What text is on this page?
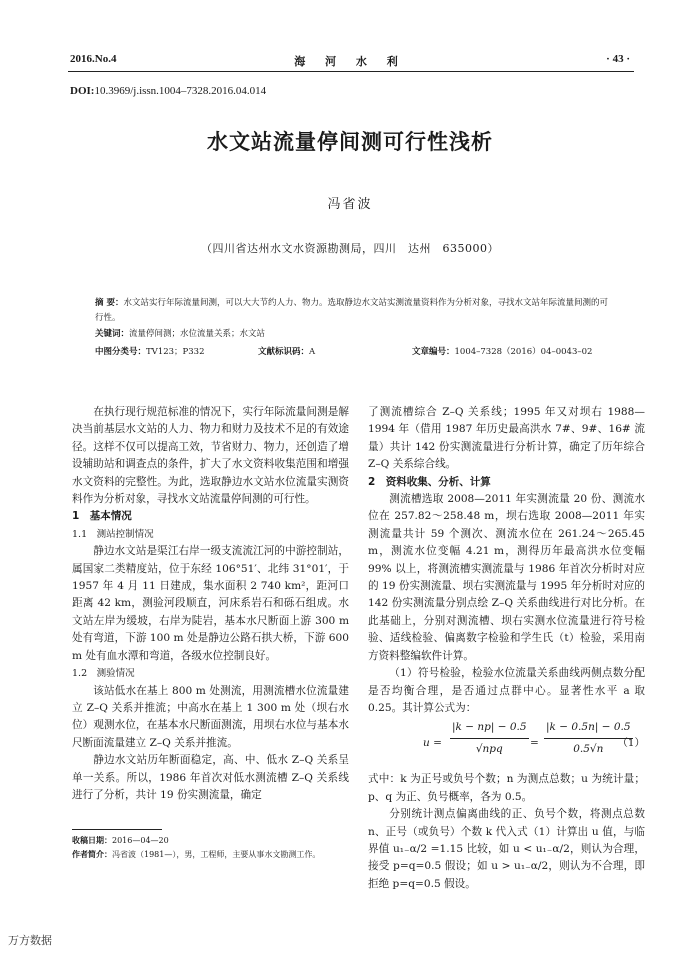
2016.No.4	海 河 水 利	· 43 ·
DOI:10.3969/j.issn.1004–7328.2016.04.014
水文站流量停间测可行性浅析
冯省波
（四川省达州水文水资源勘测局，四川　达州　635000）
摘 要：水文站实行年际流量间测，可以大大节约人力、物力。选取静边水文站实测流量资料作为分析对象，寻找水文站年际流量间测的可行性。
关键词：流量停间测；水位流量关系；水文站
中图分类号：TV123；P332	文献标识码：A	文章编号：1004–7328（2016）04–0043–02

在执行现行规范标准的情况下，实行年际流量间测是解决当前基层水文站的人力、物力和财力及技术不足的有效途径。这样不仅可以提高工效，节省财力、物力，还创造了增设辅助站和调查点的条件，扩大了水文资料收集范围和增强水文资料的完整性。为此，选取静边水文站水位流量实测资料作为分析对象，寻找水文站流量停间测的可行性。

1　基本情况
1.1　测站控制情况

静边水文站是渠江右岸一级支流流江河的中游控制站，属国家二类精度站，位于东经 106°51′、北纬 31°01′，于 1957 年 4 月 11 日建成，集水面积 2 740 km²，距河口距离 42 km，测验河段顺直，河床系岩石和砾石组成。水文站左岸为缓坡，右岸为陡岩，基本水尺断面上游 300 m 处有弯道，下游 100 m 处是静边公路石拱大桥，下游 600 m 处有血水潭和弯道，各级水位控制良好。

1.2　测验情况

该站低水在基上 800 m 处测流，用测流槽水位流量建立 Z–Q 关系并推流；中高水在基上 1 300 m 处（坝右水位）观测水位，在基本水尺断面测流，用坝右水位与基本水尺断面流量建立 Z–Q 关系并推流。

静边水文站历年断面稳定，高、中、低水 Z–Q 关系呈单一关系。所以，1986 年首次对低水测流槽 Z–Q 关系线进行了分析，共计 19 份实测流量，确定

了测流槽综合 Z–Q 关系线；1995 年又对坝右 1988—1994 年（借用 1987 年历史最高洪水 7#、9#、16# 流量）共计 142 份实测流量进行分析计算，确定了历年综合 Z–Q 关系综合线。

2　资料收集、分析、计算

测流槽选取 2008—2011 年实测流量 20 份、测流水位在 257.82～258.48 m，坝右选取 2008—2011 年实测流量共计 59 个测次、测流水位在 261.24～265.45 m，测流水位变幅 4.21 m，测得历年最高洪水位变幅 99% 以上，将测流槽实测流量与 1986 年首次分析时对应的 19 份实测流量、坝右实测流量与 1995 年分析时对应的 142 份实测流量分别点绘 Z–Q 关系曲线进行对比分析。在此基础上，分别对测流槽、坝右实测水位流量进行符号检验、适线检验、偏离数字检验和学生氏（t）检验，采用南方资料整编软件计算。

（1）符号检验，检验水位流量关系曲线两侧点数分配是否均衡合理，是否通过点群中心。显著性水平 a 取 0.25。其计算公式为：

u =
|k − np| − 0.5
√npq	= $\frac{|k - 0.5n| - 0.5}{0.5√n}$
（1）

式中：k 为正号或负号个数；n 为测点总数；u 为统计量；p、q 为正、负号概率，各为 0.5。

分别统计测点偏离曲线的正、负号个数，将测点总数 n、正号（或负号）个数 k 代入式（1）计算出 u 值，与临界值 u₁₋α/2 =1.15 比较，如 u < u₁₋α/2，则认为合理，接受 p=q=0.5 假设；如 u > u₁₋α/2，则认为不合理，即拒绝 p=q=0.5 假设。

收稿日期：2016—04—20
作者简介：冯省波（1981—），男，工程师，主要从事水文勘测工作。
万方数据
